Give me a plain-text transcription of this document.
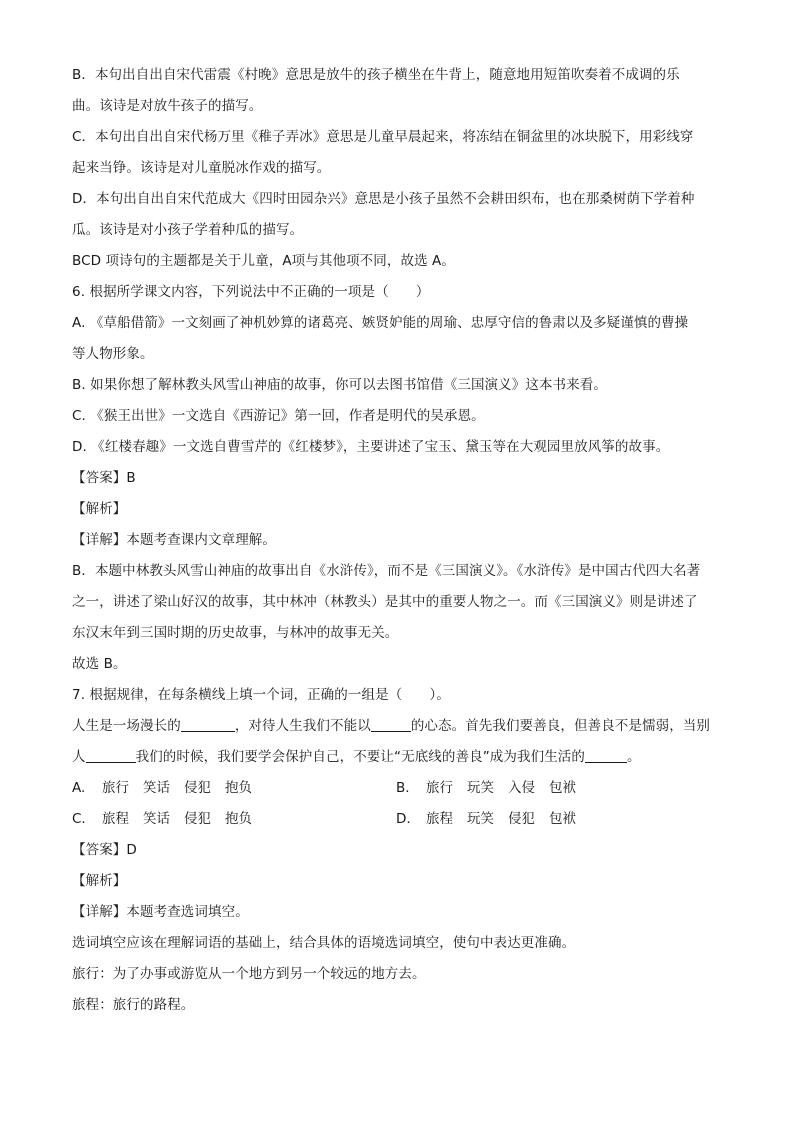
B．本句出自出自宋代雷震《村晚》意思是放牛的孩子横坐在牛背上，随意地用短笛吹奏着不成调的乐
曲。该诗是对放牛孩子的描写。
C．本句出自出自宋代杨万里《稚子弄冰》意思是儿童早晨起来，将冻结在铜盆里的冰块脱下，用彩线穿
起来当铮。该诗是对儿童脱冰作戏的描写。
D．本句出自出自宋代范成大《四时田园杂兴》意思是小孩子虽然不会耕田织布，也在那桑树荫下学着种
瓜。该诗是对小孩子学着种瓜的描写。
BCD 项诗句的主题都是关于儿童，A项与其他项不同，故选 A。
6. 根据所学课文内容，下列说法中不正确的一项是（　　）
A. 《草船借箭》一文刻画了神机妙算的诸葛亮、嫉贤妒能的周瑜、忠厚守信的鲁肃以及多疑谨慎的曹操
等人物形象。
B. 如果你想了解林教头风雪山神庙的故事，你可以去图书馆借《三国演义》这本书来看。
C. 《猴王出世》一文选自《西游记》第一回，作者是明代的吴承恩。
D. 《红楼春趣》一文选自曹雪芹的《红楼梦》，主要讲述了宝玉、黛玉等在大观园里放风筝的故事。
【答案】B
【解析】
【详解】本题考查课内文章理解。
B．本题中林教头风雪山神庙的故事出自《水浒传》，而不是《三国演义》。《水浒传》是中国古代四大名著
之一，讲述了梁山好汉的故事，其中林冲（林教头）是其中的重要人物之一。而《三国演义》则是讲述了
东汉末年到三国时期的历史故事，与林冲的故事无关。
故选 B。
7. 根据规律，在每条横线上填一个词，正确的一组是（　　）。
人生是一场漫长的	，对待人生我们不能以	的心态。首先我们要善良，但善良不是懦弱，当别
人	我们的时候，我们要学会保护自己，不要让“无底线的善良”成为我们生活的	。
A. 旅行 笑话 侵犯 抱负	B. 旅行 玩笑 入侵 包袱
C. 旅程 笑话 侵犯 抱负	D. 旅程 玩笑 侵犯 包袱
【答案】D
【解析】
【详解】本题考查选词填空。
选词填空应该在理解词语的基础上，结合具体的语境选词填空，使句中表达更准确。
旅行：为了办事或游览从一个地方到另一个较远的地方去。
旅程：旅行的路程。
